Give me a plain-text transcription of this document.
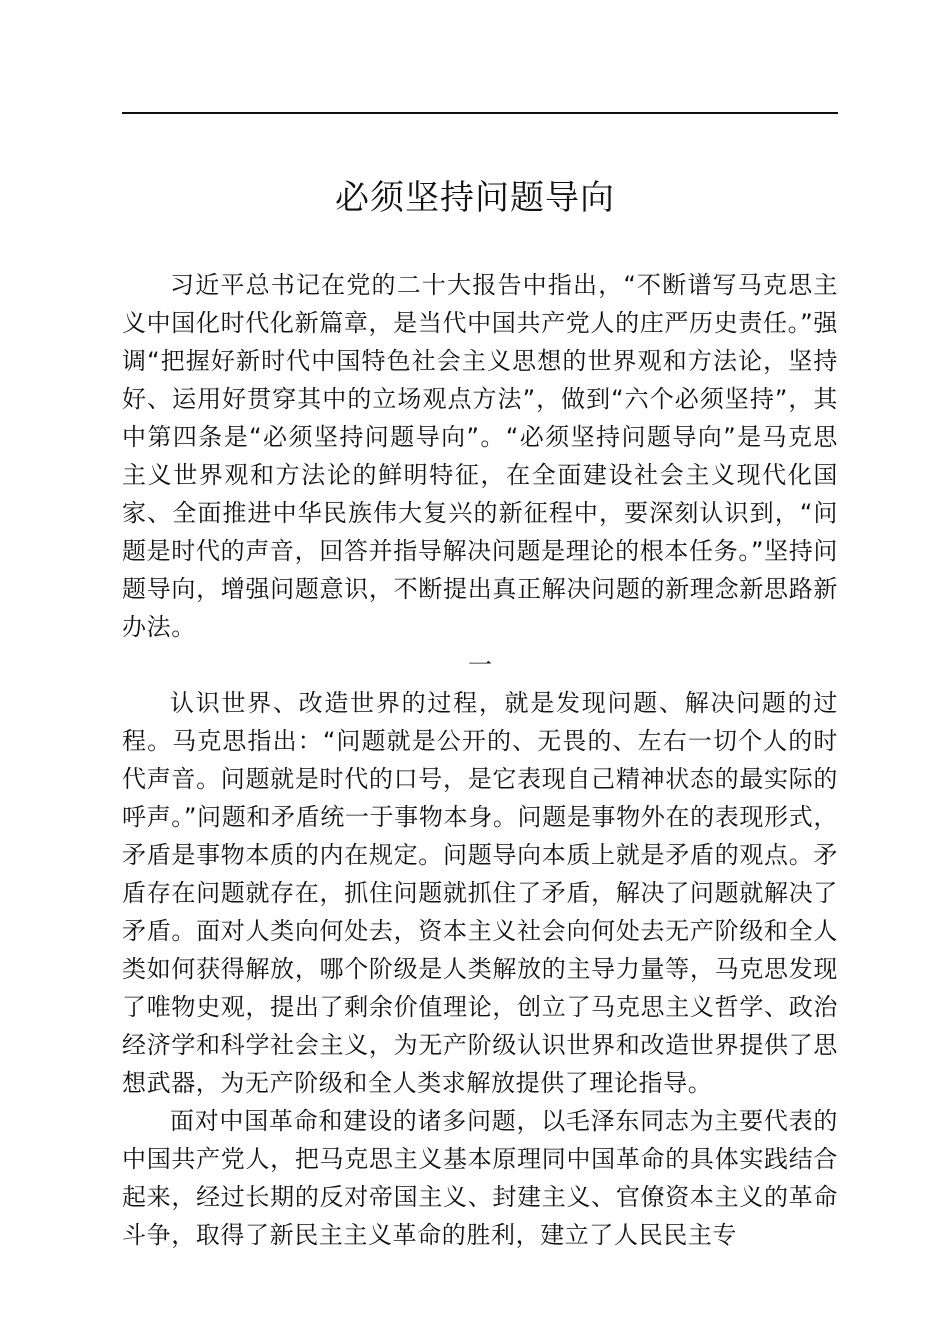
必须坚持问题导向

习近平总书记在党的二十大报告中指出，“不断谱写马克思主义中国化时代化新篇章，是当代中国共产党人的庄严历史责任。”强调“把握好新时代中国特色社会主义思想的世界观和方法论，坚持好、运用好贯穿其中的立场观点方法”，做到“六个必须坚持”，其中第四条是“必须坚持问题导向”。“必须坚持问题导向”是马克思主义世界观和方法论的鲜明特征，在全面建设社会主义现代化国家、全面推进中华民族伟大复兴的新征程中，要深刻认识到，“问题是时代的声音，回答并指导解决问题是理论的根本任务。”坚持问题导向，增强问题意识，不断提出真正解决问题的新理念新思路新办法。

一

认识世界、改造世界的过程，就是发现问题、解决问题的过程。马克思指出：“问题就是公开的、无畏的、左右一切个人的时代声音。问题就是时代的口号，是它表现自己精神状态的最实际的呼声。”问题和矛盾统一于事物本身。问题是事物外在的表现形式，矛盾是事物本质的内在规定。问题导向本质上就是矛盾的观点。矛盾存在问题就存在，抓住问题就抓住了矛盾，解决了问题就解决了矛盾。面对人类向何处去，资本主义社会向何处去无产阶级和全人类如何获得解放，哪个阶级是人类解放的主导力量等，马克思发现了唯物史观，提出了剩余价值理论，创立了马克思主义哲学、政治经济学和科学社会主义，为无产阶级认识世界和改造世界提供了思想武器，为无产阶级和全人类求解放提供了理论指导。

面对中国革命和建设的诸多问题，以毛泽东同志为主要代表的中国共产党人，把马克思主义基本原理同中国革命的具体实践结合起来，经过长期的反对帝国主义、封建主义、官僚资本主义的革命斗争，取得了新民主主义革命的胜利，建立了人民民主专
